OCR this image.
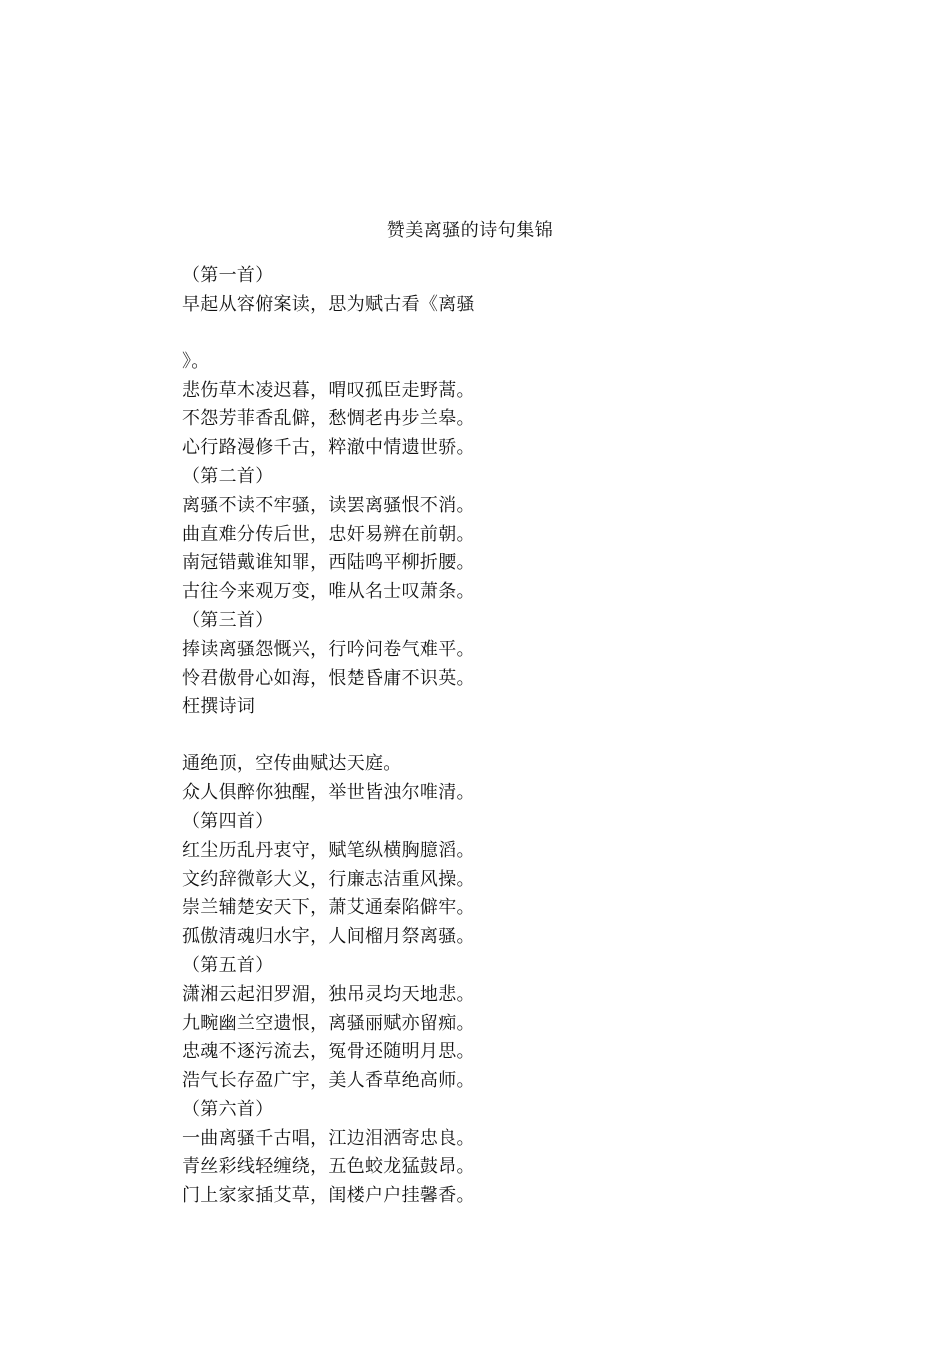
赞美离骚的诗句集锦
（第一首）
早起从容俯案读，思为赋古看《离骚
》。
悲伤草木凌迟暮，喟叹孤臣走野蒿。
不怨芳菲香乱僻，愁惆老冉步兰皋。
心行路漫修千古，粹澈中情遗世骄。
（第二首）
离骚不读不牢骚，读罢离骚恨不消。
曲直难分传后世，忠奸易辨在前朝。
南冠错戴谁知罪，西陆鸣平柳折腰。
古往今来观万变，唯从名士叹萧条。
（第三首）
捧读离骚怨慨兴，行吟问卷气难平。
怜君傲骨心如海，恨楚昏庸不识英。
枉撰诗词
通绝顶，空传曲赋达天庭。
众人俱醉你独醒，举世皆浊尔唯清。
（第四首）
红尘历乱丹衷守，赋笔纵横胸臆滔。
文约辞微彰大义，行廉志洁重风操。
崇兰辅楚安天下，萧艾通秦陷僻牢。
孤傲清魂归水宇，人间榴月祭离骚。
（第五首）
潇湘云起汨罗湄，独吊灵均天地悲。
九畹幽兰空遗恨，离骚丽赋亦留痴。
忠魂不逐污流去，冤骨还随明月思。
浩气长存盈广宇，美人香草绝高师。
（第六首）
一曲离骚千古唱，江边泪洒寄忠良。
青丝彩线轻缠绕，五色蛟龙猛鼓昂。
门上家家插艾草，闺楼户户挂馨香。
